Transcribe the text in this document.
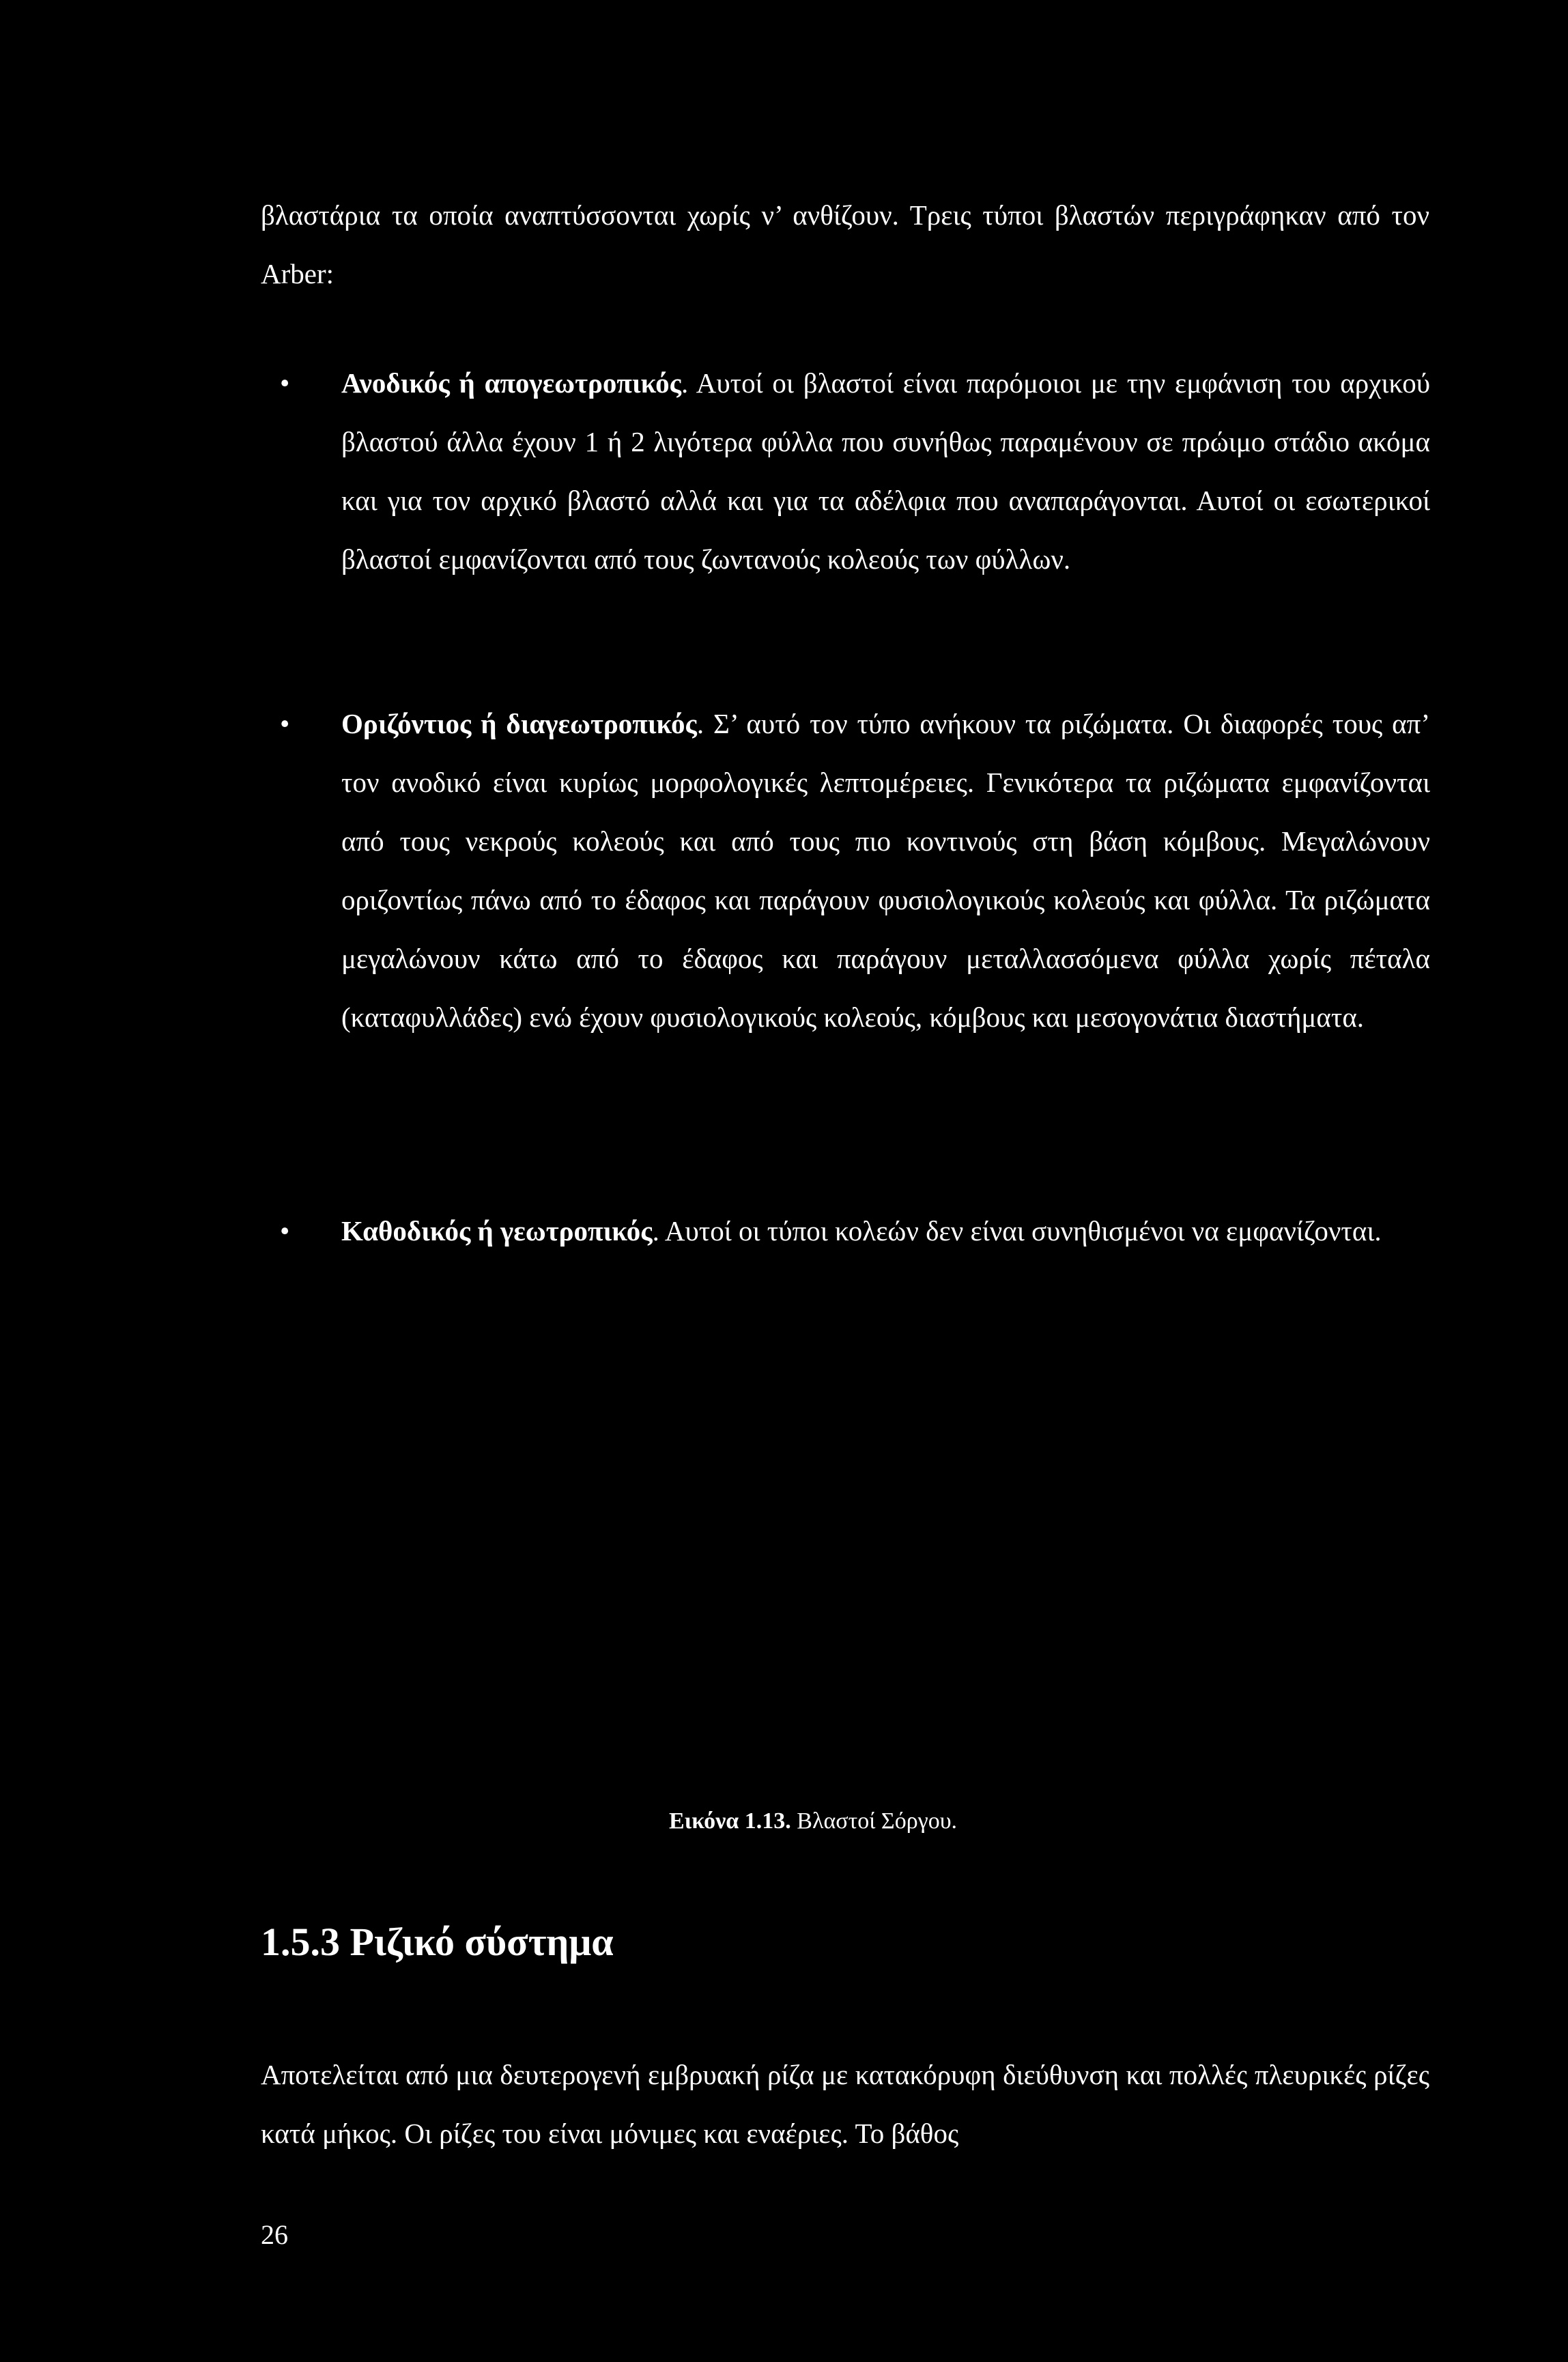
βλαστάρια τα οποία αναπτύσσονται χωρίς ν’ ανθίζουν. Τρεις τύποι βλαστών περιγράφηκαν από τον Arber:

• Ανοδικός ή απογεωτροπικός. Αυτοί οι βλαστοί είναι παρόμοιοι με την εμφάνιση του αρχικού βλαστού άλλα έχουν 1 ή 2 λιγότερα φύλλα που συνήθως παραμένουν σε πρώιμο στάδιο ακόμα και για τον αρχικό βλαστό αλλά και για τα αδέλφια που αναπαράγονται. Αυτοί οι εσωτερικοί βλαστοί εμφανίζονται από τους ζωντανούς κολεούς των φύλλων.
• Οριζόντιος ή διαγεωτροπικός. Σ’ αυτό τον τύπο ανήκουν τα ριζώματα. Οι διαφορές τους απ’ τον ανοδικό είναι κυρίως μορφολογικές λεπτομέρειες. Γενικότερα τα ριζώματα εμφανίζονται από τους νεκρούς κολεούς και από τους πιο κοντινούς στη βάση κόμβους. Μεγαλώνουν οριζοντίως πάνω από το έδαφος και παράγουν φυσιολογικούς κολεούς και φύλλα. Τα ριζώματα μεγαλώνουν κάτω από το έδαφος και παράγουν μεταλλασσόμενα φύλλα χωρίς πέταλα (καταφυλλάδες) ενώ έχουν φυσιολογικούς κολεούς, κόμβους και μεσογονάτια διαστήματα.
• Καθοδικός ή γεωτροπικός. Αυτοί οι τύποι κολεών δεν είναι συνηθισμένοι να εμφανίζονται.
Εικόνα 1.13. Βλαστοί Σόργου.
1.5.3 Ριζικό σύστημα

Αποτελείται από μια δευτερογενή εμβρυακή ρίζα με κατακόρυφη διεύθυνση και πολλές πλευρικές ρίζες κατά μήκος. Οι ρίζες του είναι μόνιμες και εναέριες. Το βάθος

26
